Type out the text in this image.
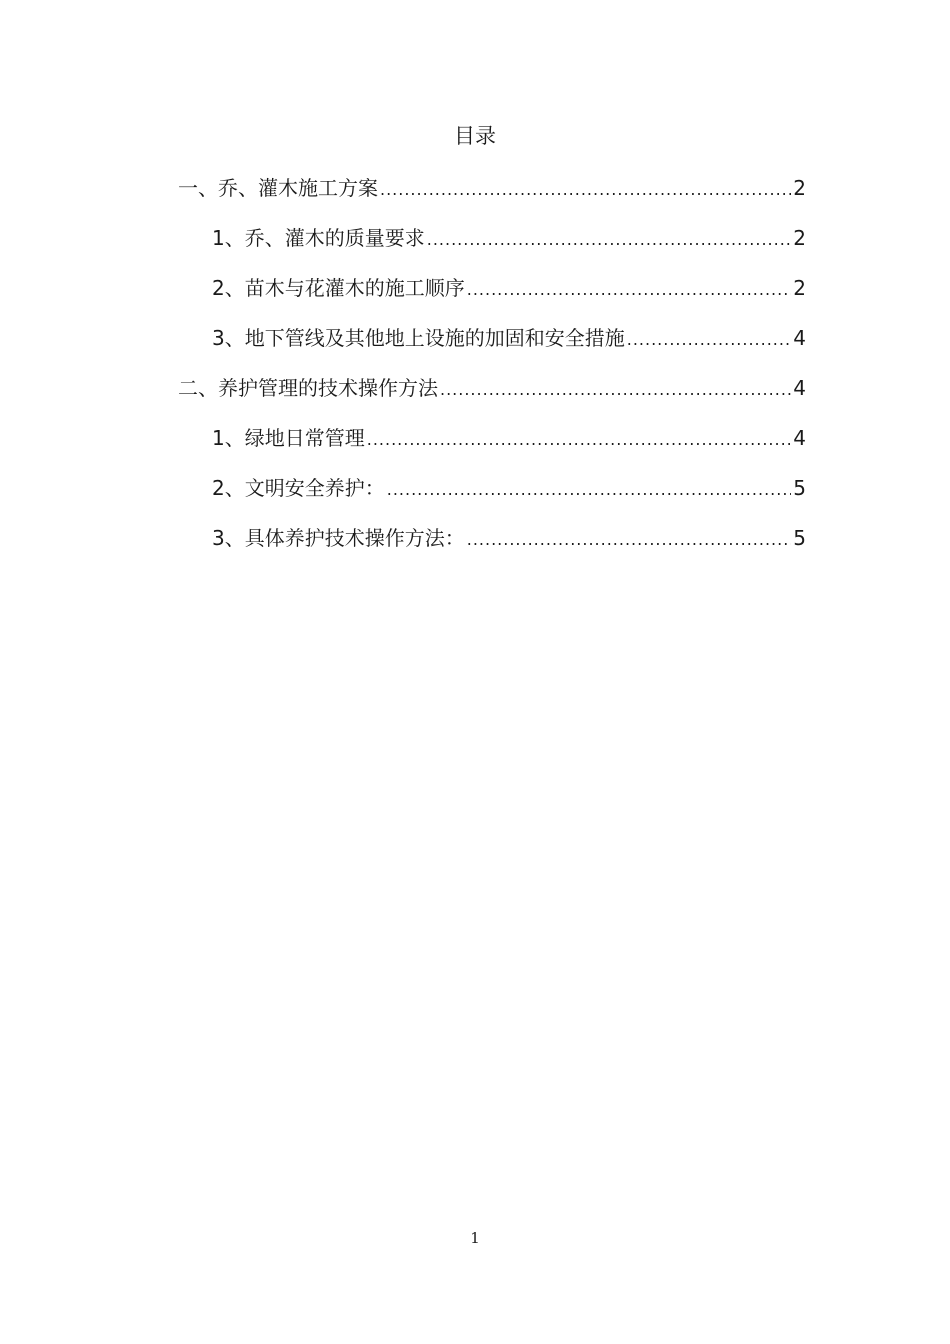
目录
一、乔、灌木施工方案 .....	2
1、乔、灌木的质量要求 .....	2
2、苗木与花灌木的施工顺序 .....	2
3、地下管线及其他地上设施的加固和安全措施 .....	4
二、养护管理的技术操作方法 .....	4
1、绿地日常管理 .....	4
2、文明安全养护： .....	5
3、具体养护技术操作方法： .....	5
1
